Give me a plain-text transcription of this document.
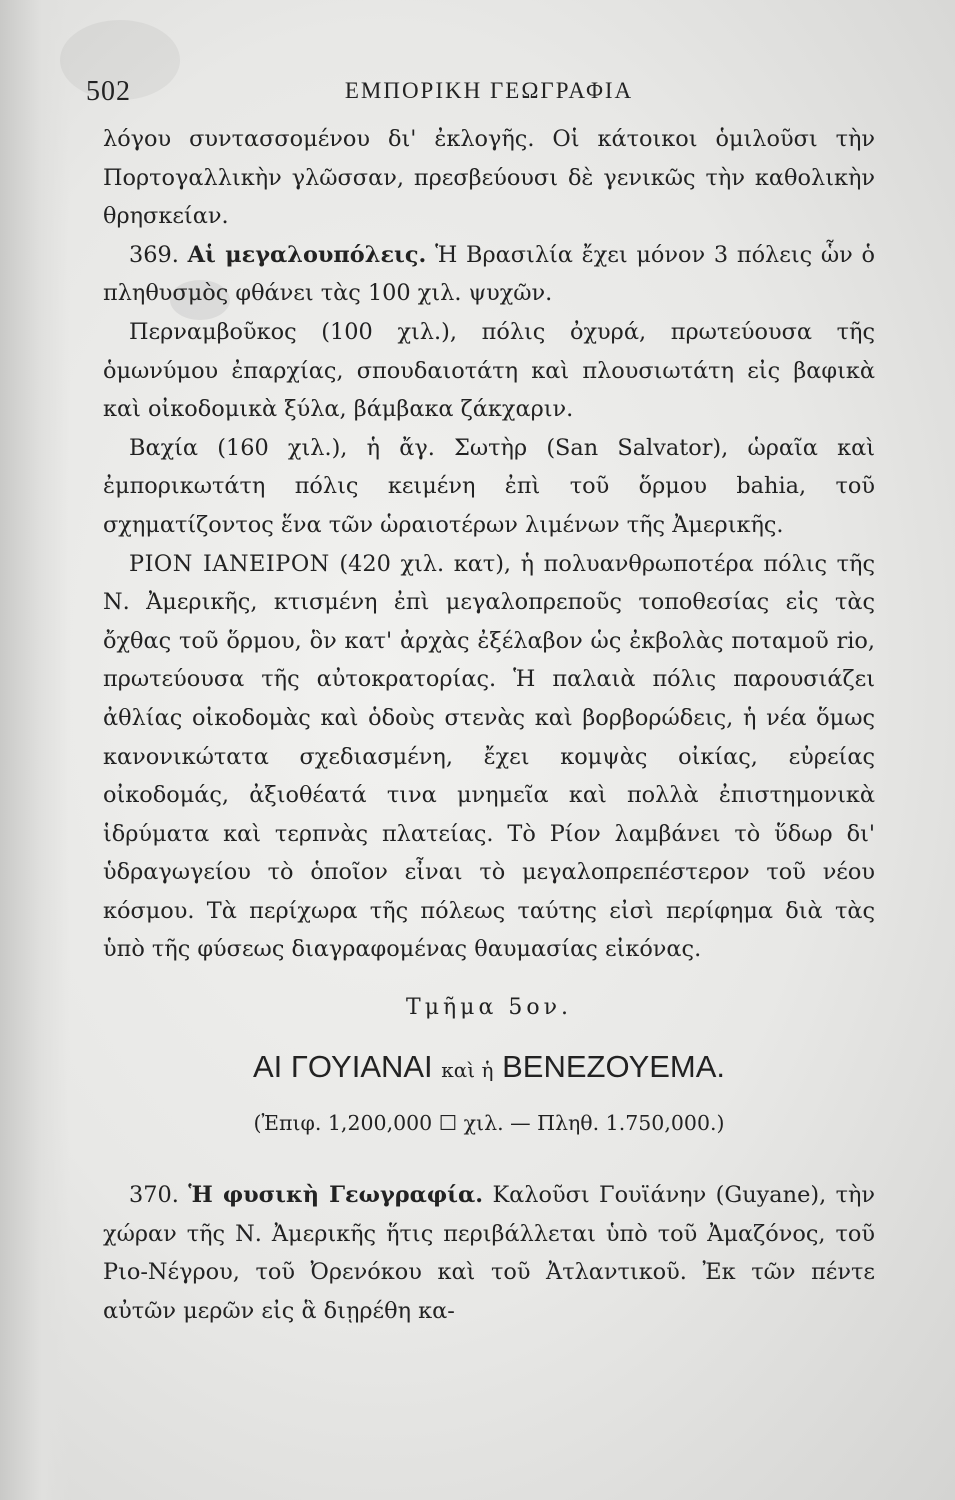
502	ΕΜΠΟΡΙΚΗ ΓΕΩΓΡΑΦΙΑ

λόγου συντασσομένου δι' ἐκλογῆς. Οἱ κάτοικοι ὁμιλοῦσι τὴν Πορτογαλλικὴν γλῶσσαν, πρεσβεύουσι δὲ γενικῶς τὴν καθολικὴν θρησκείαν.

369. Αἱ μεγαλουπόλεις. Ἡ Βρασιλία ἔχει μόνον 3 πόλεις ὧν ὁ πληθυσμὸς φθάνει τὰς 100 χιλ. ψυχῶν.

Περναμβοῦκος (100 χιλ.), πόλις ὀχυρά, πρωτεύουσα τῆς ὁμωνύμου ἐπαρχίας, σπουδαιοτάτη καὶ πλουσιωτάτη εἰς βαφικὰ καὶ οἰκοδομικὰ ξύλα, βάμβακα ζάκχαριν.

Βαχία (160 χιλ.), ἡ ἄγ. Σωτὴρ (San Salvator), ὡραῖα καὶ ἐμπορικωτάτη πόλις κειμένη ἐπὶ τοῦ ὅρμου bahia, τοῦ σχηματίζοντος ἕνα τῶν ὡραιοτέρων λιμένων τῆς Ἀμερικῆς.

ΡΙΟΝ ΙΑΝΕΙΡΟΝ (420 χιλ. κατ), ἡ πολυανθρωποτέρα πόλις τῆς Ν. Ἀμερικῆς, κτισμένη ἐπὶ μεγαλοπρεποῦς τοποθεσίας εἰς τὰς ὄχθας τοῦ ὅρμου, ὃν κατ' ἀρχὰς ἐξέλαβον ὡς ἐκβολὰς ποταμοῦ rio, πρωτεύουσα τῆς αὐτοκρατορίας. Ἡ παλαιὰ πόλις παρουσιάζει ἀθλίας οἰκοδομὰς καὶ ὁδοὺς στενὰς καὶ βορβορώδεις, ἡ νέα ὅμως κανονικώτατα σχεδιασμένη, ἔχει κομψὰς οἰκίας, εὐρείας οἰκοδομάς, ἀξιοθέατά τινα μνημεῖα καὶ πολλὰ ἐπιστημονικὰ ἱδρύματα καὶ τερπνὰς πλατείας. Τὸ Ρίον λαμβάνει τὸ ὕδωρ δι' ὑδραγωγείου τὸ ὁποῖον εἶναι τὸ μεγαλοπρεπέστερον τοῦ νέου κόσμου. Τὰ περίχωρα τῆς πόλεως ταύτης εἰσὶ περίφημα διὰ τὰς ὑπὸ τῆς φύσεως διαγραφομένας θαυμασίας εἰκόνας.

Τμῆμα 5ον.
ΑΙ ΓΟΥΙΑΝΑΙ καὶ ἡ ΒΕΝΕΖΟΥΕΜΑ.
(Ἐπιφ. 1,200,000 ☐ χιλ. — Πληθ. 1.750,000.)

370. Ἡ φυσικὴ Γεωγραφία. Καλοῦσι Γουϊάνην (Guyane), τὴν χώραν τῆς Ν. Ἀμερικῆς ἥτις περιβάλλεται ὑπὸ τοῦ Ἀμαζόνος, τοῦ Ριο-Νέγρου, τοῦ Ὀρενόκου καὶ τοῦ Ἀτλαντικοῦ. Ἐκ τῶν πέντε αὐτῶν μερῶν εἰς ἃ διῃρέθη κα-
